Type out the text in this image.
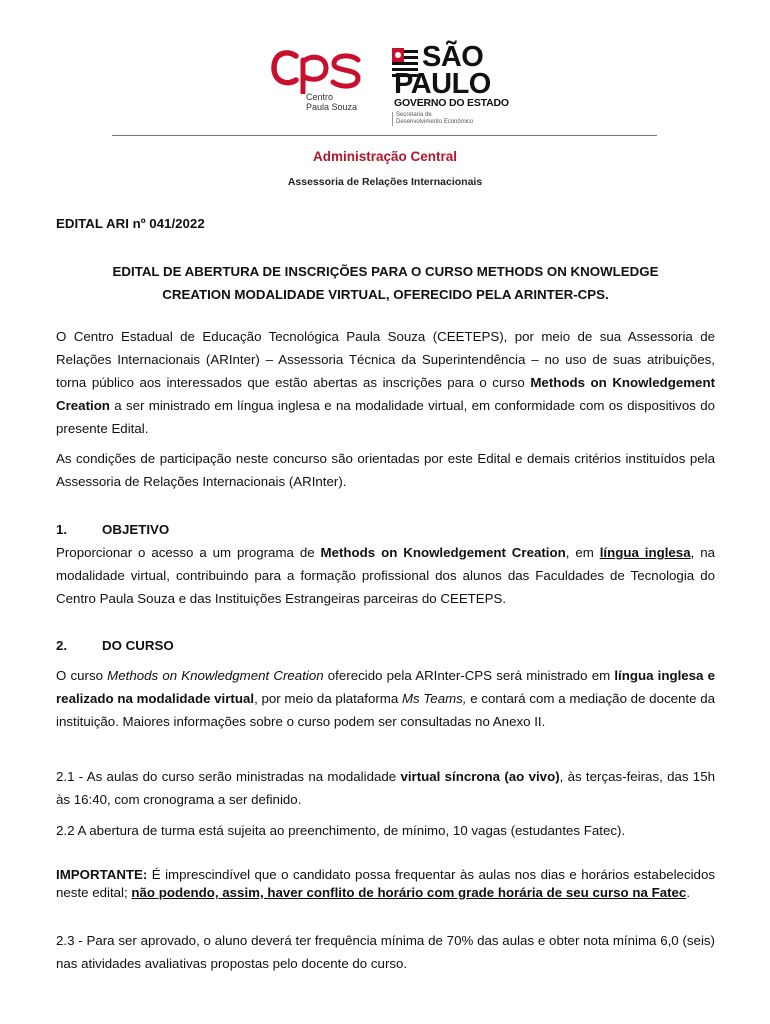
Centro
Paula Souza
SÃO
PAULO
GOVERNO DO ESTADO
Secretaria de
Desenvolvimento Econômico
Administração Central
Assessoria de Relações Internacionais
EDITAL ARI nº 041/2022
EDITAL DE ABERTURA DE INSCRIÇÕES PARA O CURSO METHODS ON KNOWLEDGE
CREATION MODALIDADE VIRTUAL, OFERECIDO PELA ARINTER-CPS.
O Centro Estadual de Educação Tecnológica Paula Souza (CEETEPS), por meio de sua Assessoria de Relações Internacionais (ARInter) – Assessoria Técnica da Superintendência – no uso de suas atribuições, torna público aos interessados que estão abertas as inscrições para o curso Methods on Knowledgement Creation a ser ministrado em língua inglesa e na modalidade virtual, em conformidade com os dispositivos do presente Edital.
As condições de participação neste concurso são orientadas por este Edital e demais critérios instituídos pela Assessoria de Relações Internacionais (ARInter).
1.	OBJETIVO
Proporcionar o acesso a um programa de Methods on Knowledgement Creation, em língua inglesa, na modalidade virtual, contribuindo para a formação profissional dos alunos das Faculdades de Tecnologia do Centro Paula Souza e das Instituições Estrangeiras parceiras do CEETEPS.
2.	DO CURSO
O curso Methods on Knowledgment Creation oferecido pela ARInter-CPS será ministrado em língua inglesa e realizado na modalidade virtual, por meio da plataforma Ms Teams, e contará com a mediação de docente da instituição. Maiores informações sobre o curso podem ser consultadas no Anexo II.
2.1 - As aulas do curso serão ministradas na modalidade virtual síncrona (ao vivo), às terças-feiras, das 15h às 16:40, com cronograma a ser definido.
2.2 A abertura de turma está sujeita ao preenchimento, de mínimo, 10 vagas (estudantes Fatec).
IMPORTANTE: É imprescindível que o candidato possa frequentar às aulas nos dias e horários estabelecidos neste edital; não podendo, assim, haver conflito de horário com grade horária de seu curso na Fatec.
2.3 - Para ser aprovado, o aluno deverá ter frequência mínima de 70% das aulas e obter nota mínima 6,0 (seis) nas atividades avaliativas propostas pelo docente do curso.
